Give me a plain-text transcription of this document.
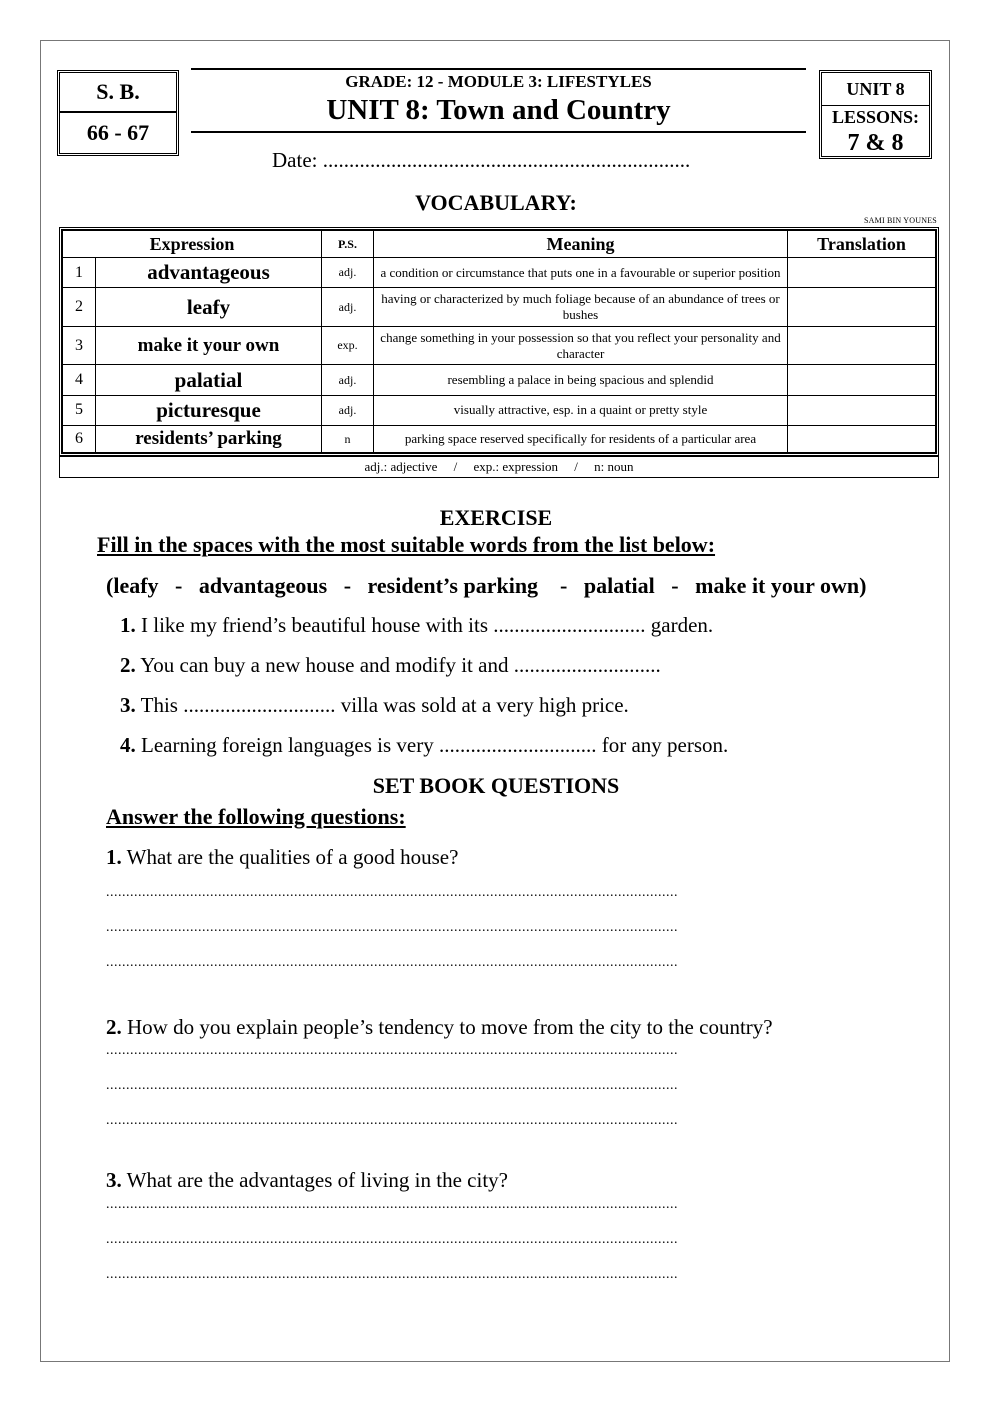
S. B.
66 - 67
GRADE: 12 - MODULE 3: LIFESTYLES
UNIT 8: Town and Country
Date: ......................................................................
UNIT 8
LESSONS:
7 & 8
VOCABULARY:
SAMI BIN YOUNES
Expression	P.S.	Meaning	Translation

1 advantageous	adj.	a condition or circumstance that puts one in a favourable or superior position	

2 leafy	adj.	having or characterized by much foliage because of an abundance of trees or bushes	

3 make it your own	exp.	change something in your possession so that you reflect your personality and character	

4 palatial	adj.	resembling a palace in being spacious and splendid	

5 picturesque	adj.	visually attractive, esp. in a quaint or pretty style	

6 residents’ parking	n	parking space reserved specifically for residents of a particular area	
adj.: adjective     /     exp.: expression     /     n: noun
EXERCISE
Fill in the spaces with the most suitable words from the list below:
(leafy   -   advantageous   -   resident’s parking    -   palatial   -   make it your own)
1. I like my friend’s beautiful house with its ............................. garden.
2. You can buy a new house and modify it and ............................
3. This ............................. villa was sold at a very high price.
4. Learning foreign languages is very .............................. for any person.
SET BOOK QUESTIONS
Answer the following questions:
1. What are the qualities of a good house?
...............................................................................................................................................
...............................................................................................................................................
...............................................................................................................................................
2. How do you explain people’s tendency to move from the city to the country?
...............................................................................................................................................
...............................................................................................................................................
...............................................................................................................................................
3. What are the advantages of living in the city?
...............................................................................................................................................
...............................................................................................................................................
...............................................................................................................................................
